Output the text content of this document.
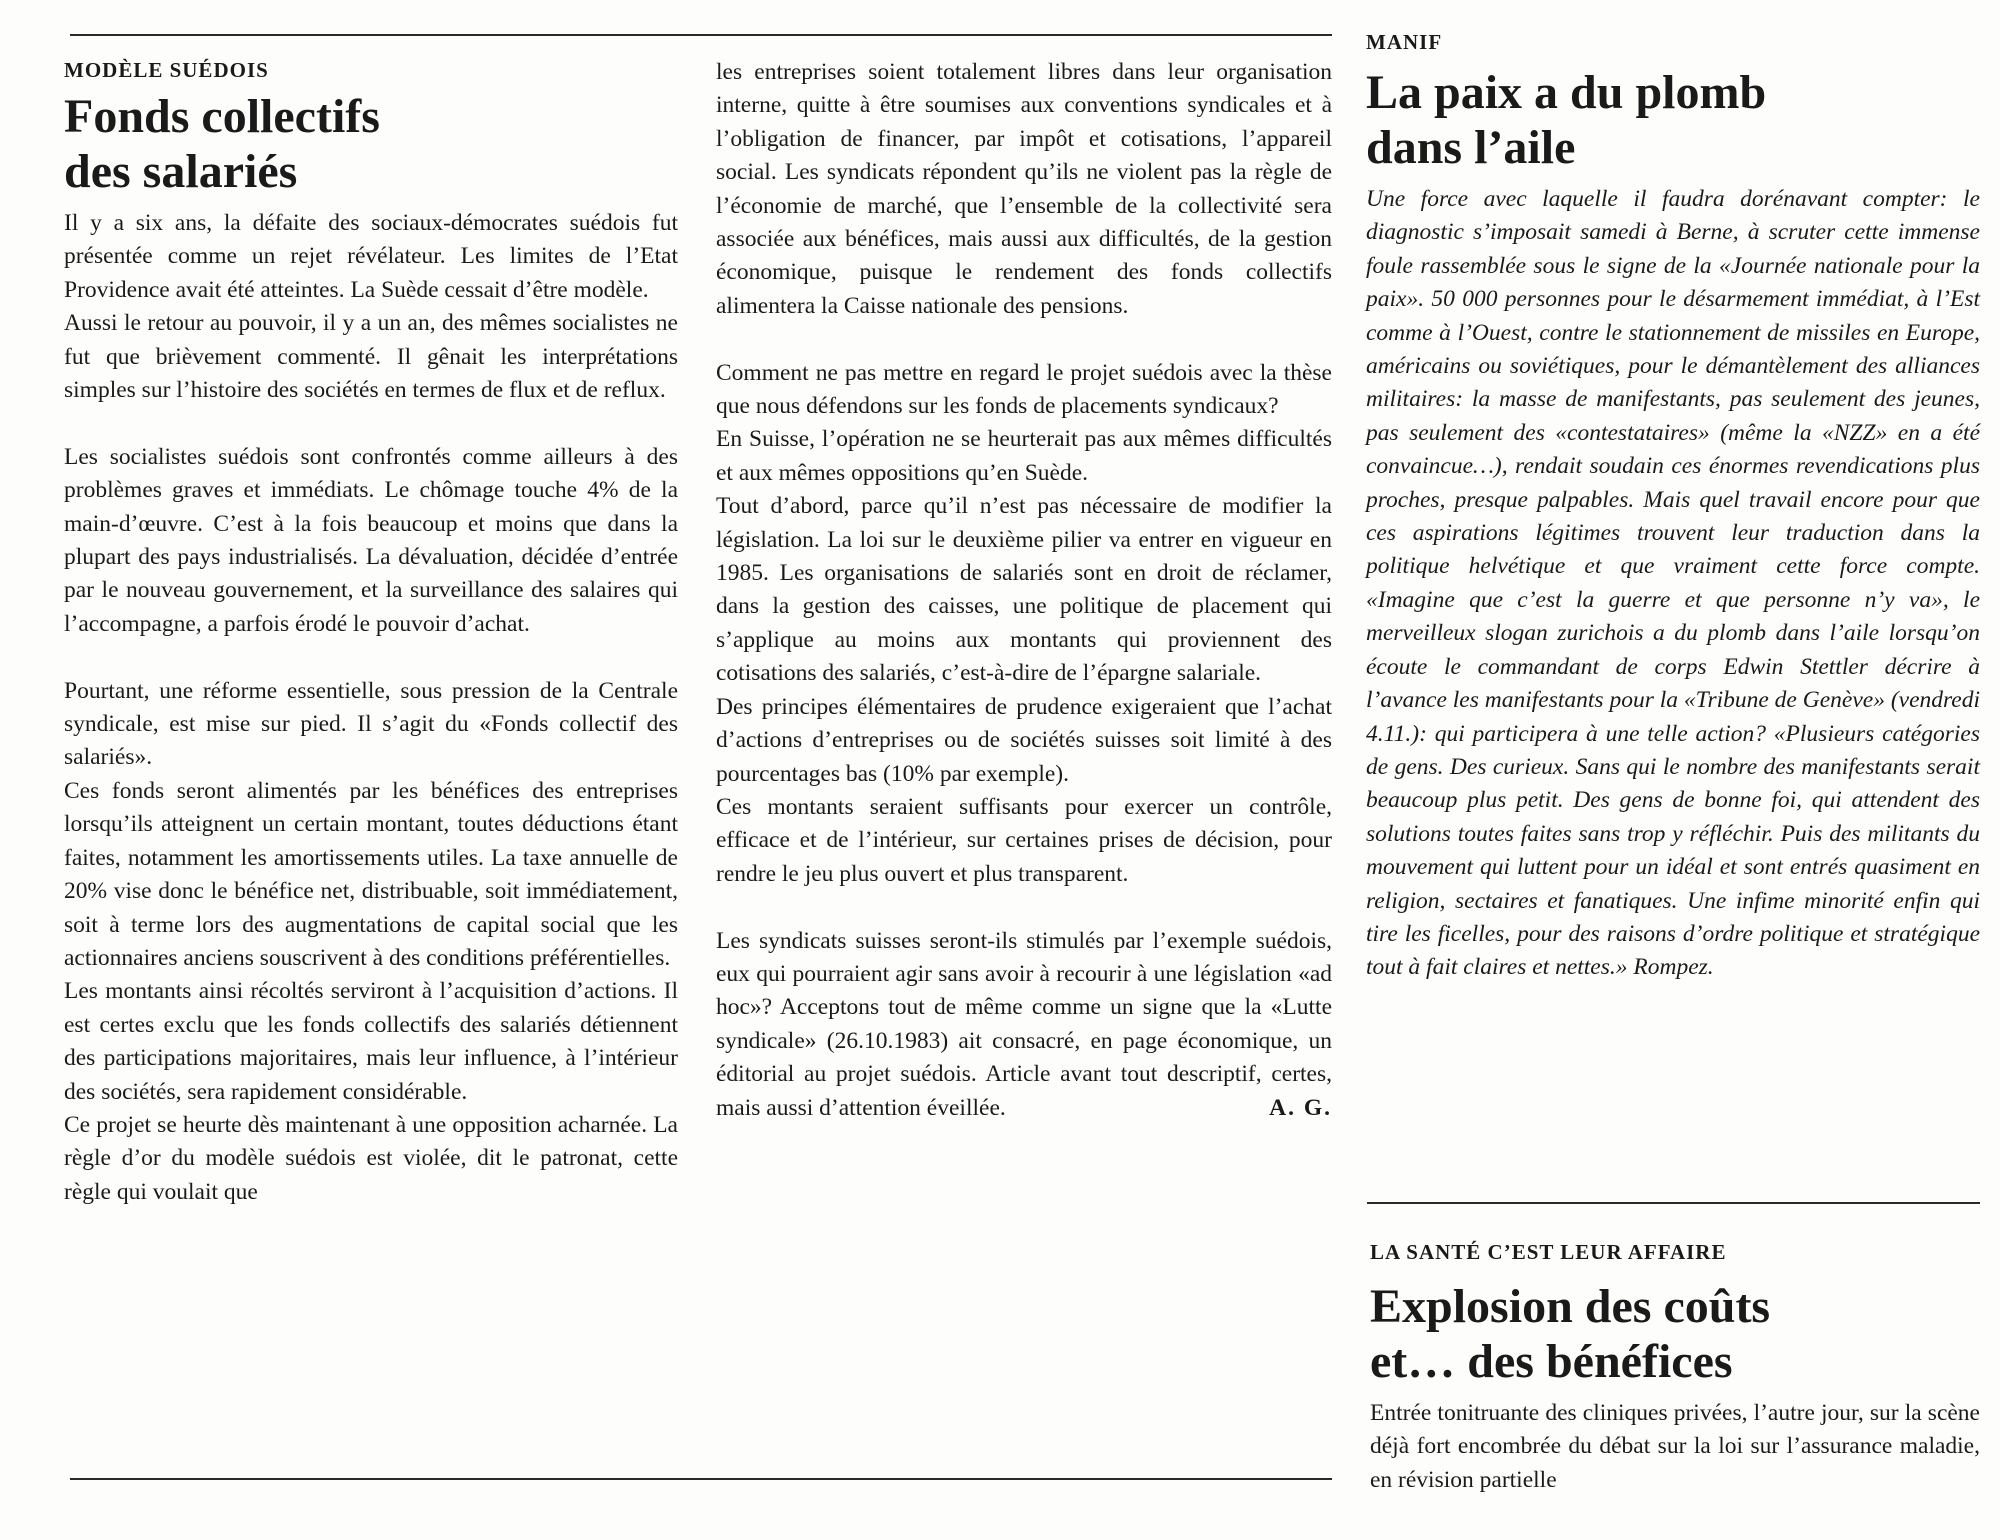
MODÈLE SUÉDOIS

Fonds collectifs
des salariés

Il y a six ans, la défaite des sociaux-démocrates suédois fut présentée comme un rejet révélateur. Les limites de l’Etat Providence avait été atteintes. La Suède cessait d’être modèle.

Aussi le retour au pouvoir, il y a un an, des mêmes socialistes ne fut que brièvement commenté. Il gênait les interprétations simples sur l’histoire des sociétés en termes de flux et de reflux.

Les socialistes suédois sont confrontés comme ailleurs à des problèmes graves et immédiats. Le chômage touche 4% de la main-d’œuvre. C’est à la fois beaucoup et moins que dans la plupart des pays industrialisés. La dévaluation, décidée d’entrée par le nouveau gouvernement, et la surveillance des salaires qui l’accompagne, a parfois érodé le pouvoir d’achat.

Pourtant, une réforme essentielle, sous pression de la Centrale syndicale, est mise sur pied. Il s’agit du «Fonds collectif des salariés».

Ces fonds seront alimentés par les bénéfices des entreprises lorsqu’ils atteignent un certain montant, toutes déductions étant faites, notamment les amortissements utiles. La taxe annuelle de 20% vise donc le bénéfice net, distribuable, soit immédiatement, soit à terme lors des augmentations de capital social que les actionnaires anciens souscrivent à des conditions préférentielles.

Les montants ainsi récoltés serviront à l’acquisition d’actions. Il est certes exclu que les fonds collectifs des salariés détiennent des participations majoritaires, mais leur influence, à l’intérieur des sociétés, sera rapidement considérable.

Ce projet se heurte dès maintenant à une opposition acharnée. La règle d’or du modèle suédois est violée, dit le patronat, cette règle qui voulait que

les entreprises soient totalement libres dans leur organisation interne, quitte à être soumises aux conventions syndicales et à l’obligation de financer, par impôt et cotisations, l’appareil social. Les syndicats répondent qu’ils ne violent pas la règle de l’économie de marché, que l’ensemble de la collectivité sera associée aux bénéfices, mais aussi aux difficultés, de la gestion économique, puisque le rendement des fonds collectifs alimentera la Caisse nationale des pensions.

Comment ne pas mettre en regard le projet suédois avec la thèse que nous défendons sur les fonds de placements syndicaux?

En Suisse, l’opération ne se heurterait pas aux mêmes difficultés et aux mêmes oppositions qu’en Suède.

Tout d’abord, parce qu’il n’est pas nécessaire de modifier la législation. La loi sur le deuxième pilier va entrer en vigueur en 1985. Les organisations de salariés sont en droit de réclamer, dans la gestion des caisses, une politique de placement qui s’applique au moins aux montants qui proviennent des cotisations des salariés, c’est-à-dire de l’épargne salariale.

Des principes élémentaires de prudence exigeraient que l’achat d’actions d’entreprises ou de sociétés suisses soit limité à des pourcentages bas (10% par exemple).

Ces montants seraient suffisants pour exercer un contrôle, efficace et de l’intérieur, sur certaines prises de décision, pour rendre le jeu plus ouvert et plus transparent.

Les syndicats suisses seront-ils stimulés par l’exemple suédois, eux qui pourraient agir sans avoir à recourir à une législation «ad hoc»? Acceptons tout de même comme un signe que la «Lutte syndicale» (26.10.1983) ait consacré, en page économique, un éditorial au projet suédois. Article avant tout descriptif, certes, mais aussi d’attention éveillée.	A. G.

MANIF

La paix a du plomb
dans l’aile

Une force avec laquelle il faudra dorénavant compter: le diagnostic s’imposait samedi à Berne, à scruter cette immense foule rassemblée sous le signe de la «Journée nationale pour la paix». 50 000 personnes pour le désarmement immédiat, à l’Est comme à l’Ouest, contre le stationnement de missiles en Europe, américains ou soviétiques, pour le démantèlement des alliances militaires: la masse de manifestants, pas seulement des jeunes, pas seulement des «contestataires» (même la «NZZ» en a été convaincue…), rendait soudain ces énormes revendications plus proches, presque palpables. Mais quel travail encore pour que ces aspirations légitimes trouvent leur traduction dans la politique helvétique et que vraiment cette force compte. «Imagine que c’est la guerre et que personne n’y va», le merveilleux slogan zurichois a du plomb dans l’aile lorsqu’on écoute le commandant de corps Edwin Stettler décrire à l’avance les manifestants pour la «Tribune de Genève» (vendredi 4.11.): qui participera à une telle action? «Plusieurs catégories de gens. Des curieux. Sans qui le nombre des manifestants serait beaucoup plus petit. Des gens de bonne foi, qui attendent des solutions toutes faites sans trop y réfléchir. Puis des militants du mouvement qui luttent pour un idéal et sont entrés quasiment en religion, sectaires et fanatiques. Une infime minorité enfin qui tire les ficelles, pour des raisons d’ordre politique et stratégique tout à fait claires et nettes.» Rompez.

LA SANTÉ C’EST LEUR AFFAIRE

Explosion des coûts
et… des bénéfices

Entrée tonitruante des cliniques privées, l’autre jour, sur la scène déjà fort encombrée du débat sur la loi sur l’assurance maladie, en révision partielle
